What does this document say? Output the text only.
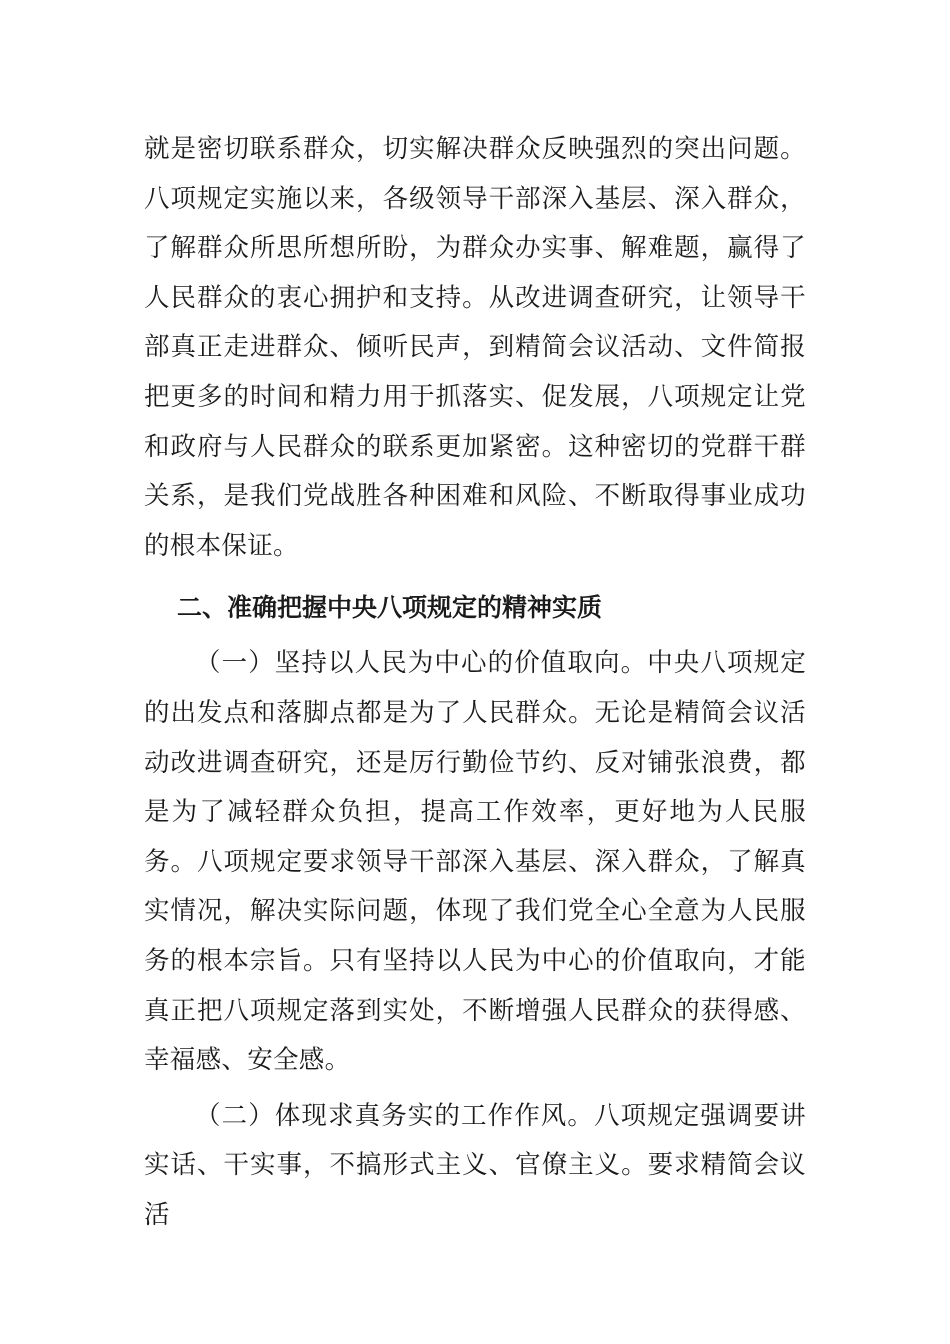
就是密切联系群众，切实解决群众反映强烈的突出问题。八项规定实施以来，各级领导干部深入基层、深入群众，了解群众所思所想所盼，为群众办实事、解难题，赢得了人民群众的衷心拥护和支持。从改进调查研究，让领导干部真正走进群众、倾听民声，到精简会议活动、文件简报把更多的时间和精力用于抓落实、促发展，八项规定让党和政府与人民群众的联系更加紧密。这种密切的党群干群关系，是我们党战胜各种困难和风险、不断取得事业成功的根本保证。

二、准确把握中央八项规定的精神实质

（一）坚持以人民为中心的价值取向。中央八项规定的出发点和落脚点都是为了人民群众。无论是精简会议活动改进调查研究，还是厉行勤俭节约、反对铺张浪费，都是为了减轻群众负担，提高工作效率，更好地为人民服务。八项规定要求领导干部深入基层、深入群众，了解真实情况，解决实际问题，体现了我们党全心全意为人民服务的根本宗旨。只有坚持以人民为中心的价值取向，才能真正把八项规定落到实处，不断增强人民群众的获得感、幸福感、安全感。

（二）体现求真务实的工作作风。八项规定强调要讲实话、干实事，不搞形式主义、官僚主义。要求精简会议活
